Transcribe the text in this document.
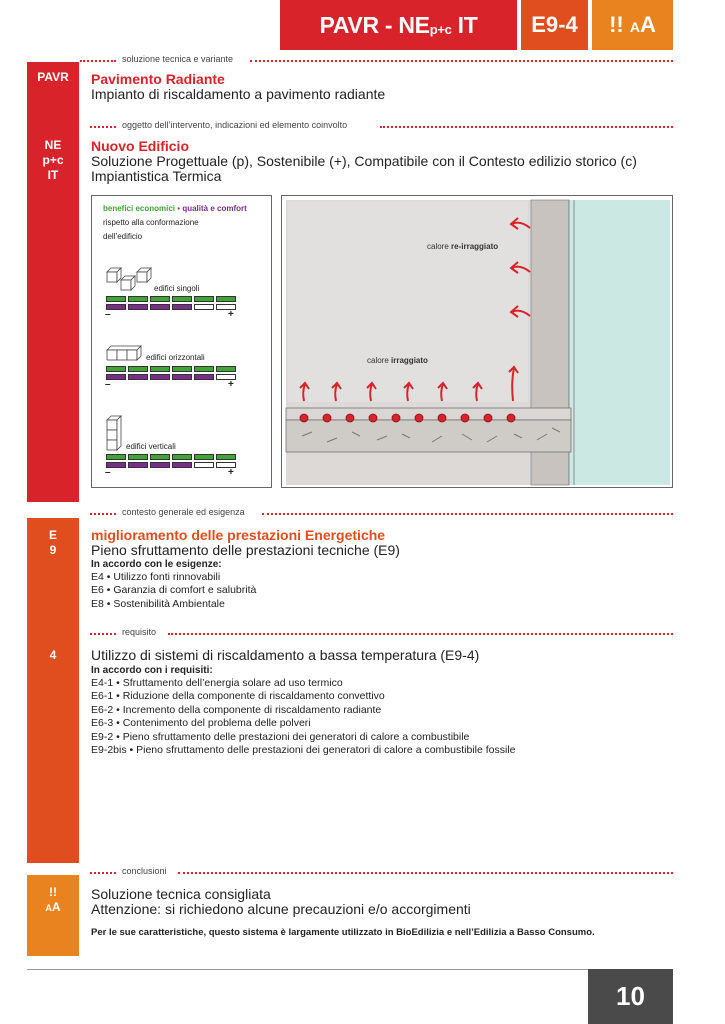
PAVR - NE p+c IT	E9-4	!!
A A
soluzione tecnica e variante
PAVR
NE
p+c
IT
Pavimento Radiante
Impianto di riscaldamento a pavimento radiante
oggetto dell’intervento, indicazioni ed elemento coinvolto
Nuovo Edificio
Soluzione Progettuale (p), Sostenibile (+), Compatibile con il Contesto edilizio storico (c)
Impiantistica Termica
benefici economici • qualità e comfort
rispetto alla conformazione
dell’edificio
edifici singoli
–	+
edifici orizzontali
–	+
edifici verticali
–	+
calore re-irraggiato
calore irraggiato
contesto generale ed esigenza
E
9
4
miglioramento delle prestazioni Energetiche
Pieno sfruttamento delle prestazioni tecniche (E9)
In accordo con le esigenze:
E4 • Utilizzo fonti rinnovabili
E6 • Garanzia di comfort e salubrità
E8 • Sostenibilità Ambientale
requisito
Utilizzo di sistemi di riscaldamento a bassa temperatura (E9-4)
In accordo con i requisiti:
E4-1 • Sfruttamento dell’energia solare ad uso termico
E6-1 • Riduzione della componente di riscaldamento convettivo
E6-2 • Incremento della componente di riscaldamento radiante
E6-3 • Contenimento del problema delle polveri
E9-2 • Pieno sfruttamento delle prestazioni dei generatori di calore a combustibile
E9-2bis • Pieno sfruttamento delle prestazioni dei generatori di calore a combustibile fossile
conclusioni
!!
AA
Soluzione tecnica consigliata
Attenzione: si richiedono alcune precauzioni e/o accorgimenti
Per le sue caratteristiche, questo sistema è largamente utilizzato in BioEdilizia e nell’Edilizia a Basso Consumo.
10
